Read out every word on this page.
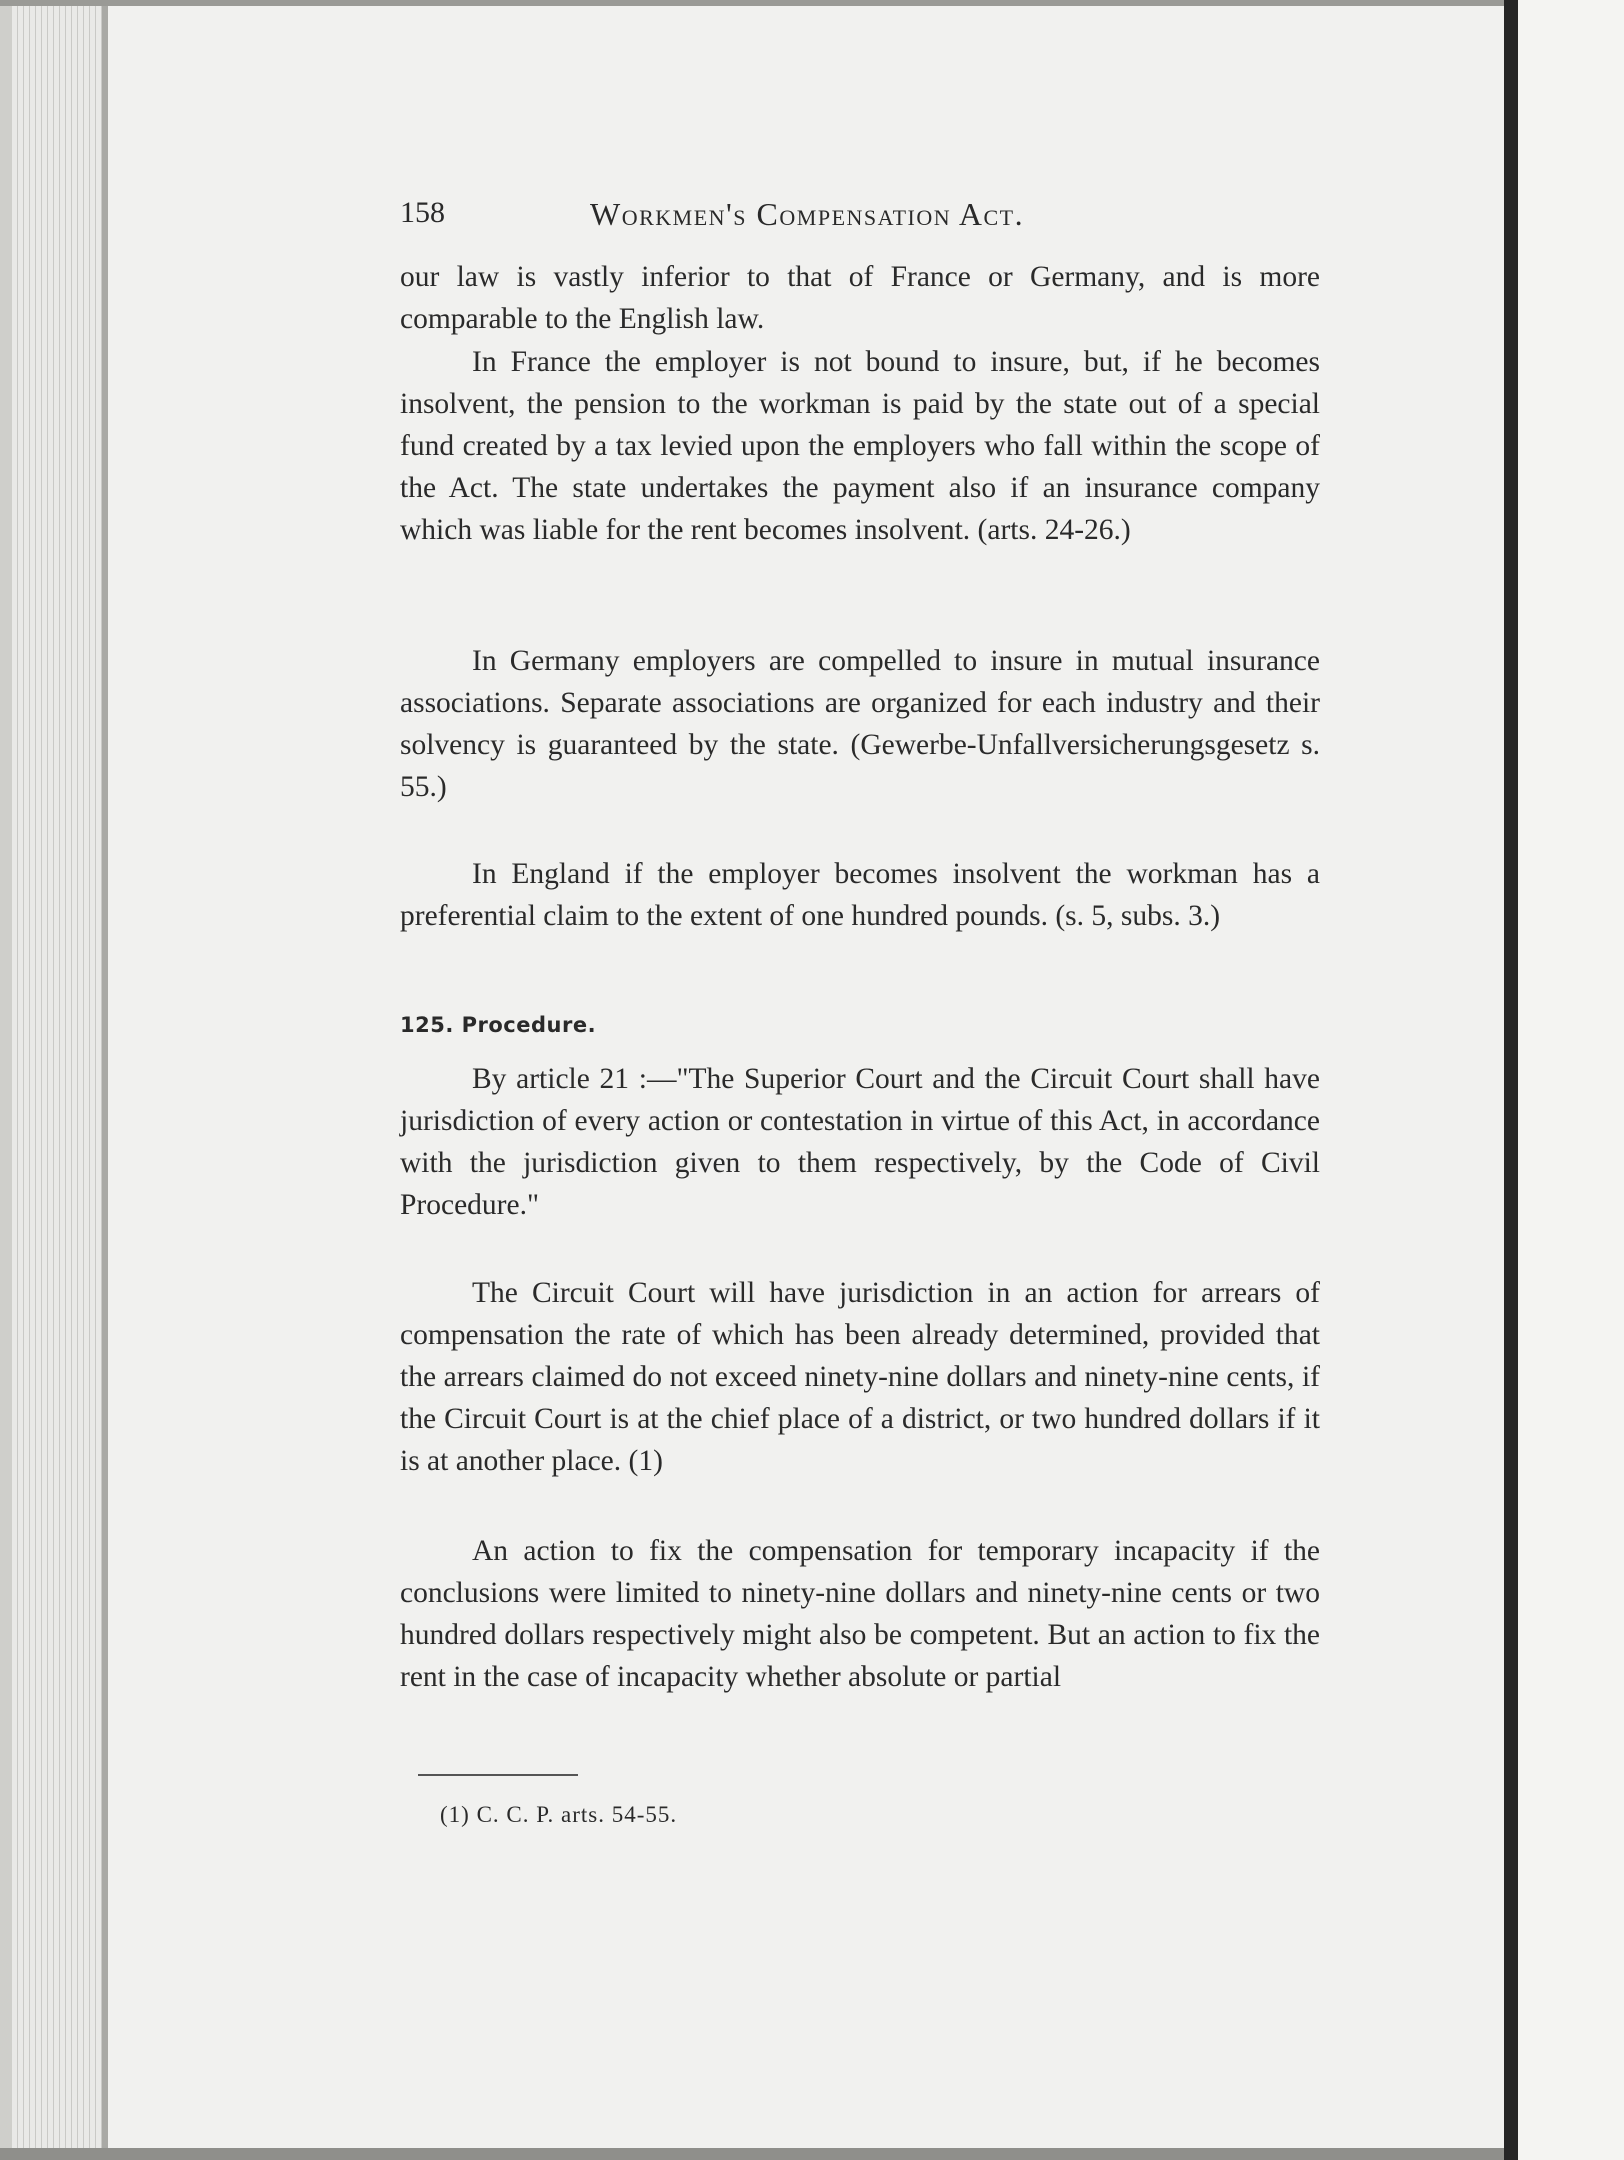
158	Workmen's Compensation Act.

our law is vastly inferior to that of France or Germany, and is more comparable to the English law.

In France the employer is not bound to insure, but, if he becomes insolvent, the pension to the workman is paid by the state out of a special fund created by a tax levied upon the employers who fall within the scope of the Act. The state undertakes the payment also if an insurance company which was liable for the rent becomes insolvent. (arts. 24-26.)

In Germany employers are compelled to insure in mutual insurance associations. Separate associations are organized for each industry and their solvency is guaranteed by the state. (Gewerbe-Unfallversicherungsgesetz s. 55.)

In England if the employer becomes insolvent the workman has a preferential claim to the extent of one hundred pounds. (s. 5, subs. 3.)

125. Procedure.

By article 21 :—"The Superior Court and the Circuit Court shall have jurisdiction of every action or contestation in virtue of this Act, in accordance with the jurisdiction given to them respectively, by the Code of Civil Procedure."

The Circuit Court will have jurisdiction in an action for arrears of compensation the rate of which has been already determined, provided that the arrears claimed do not exceed ninety-nine dollars and ninety-nine cents, if the Circuit Court is at the chief place of a district, or two hundred dollars if it is at another place. (1)

An action to fix the compensation for temporary incapacity if the conclusions were limited to ninety-nine dollars and ninety-nine cents or two hundred dollars respectively might also be competent. But an action to fix the rent in the case of incapacity whether absolute or partial

(1) C. C. P. arts. 54-55.
